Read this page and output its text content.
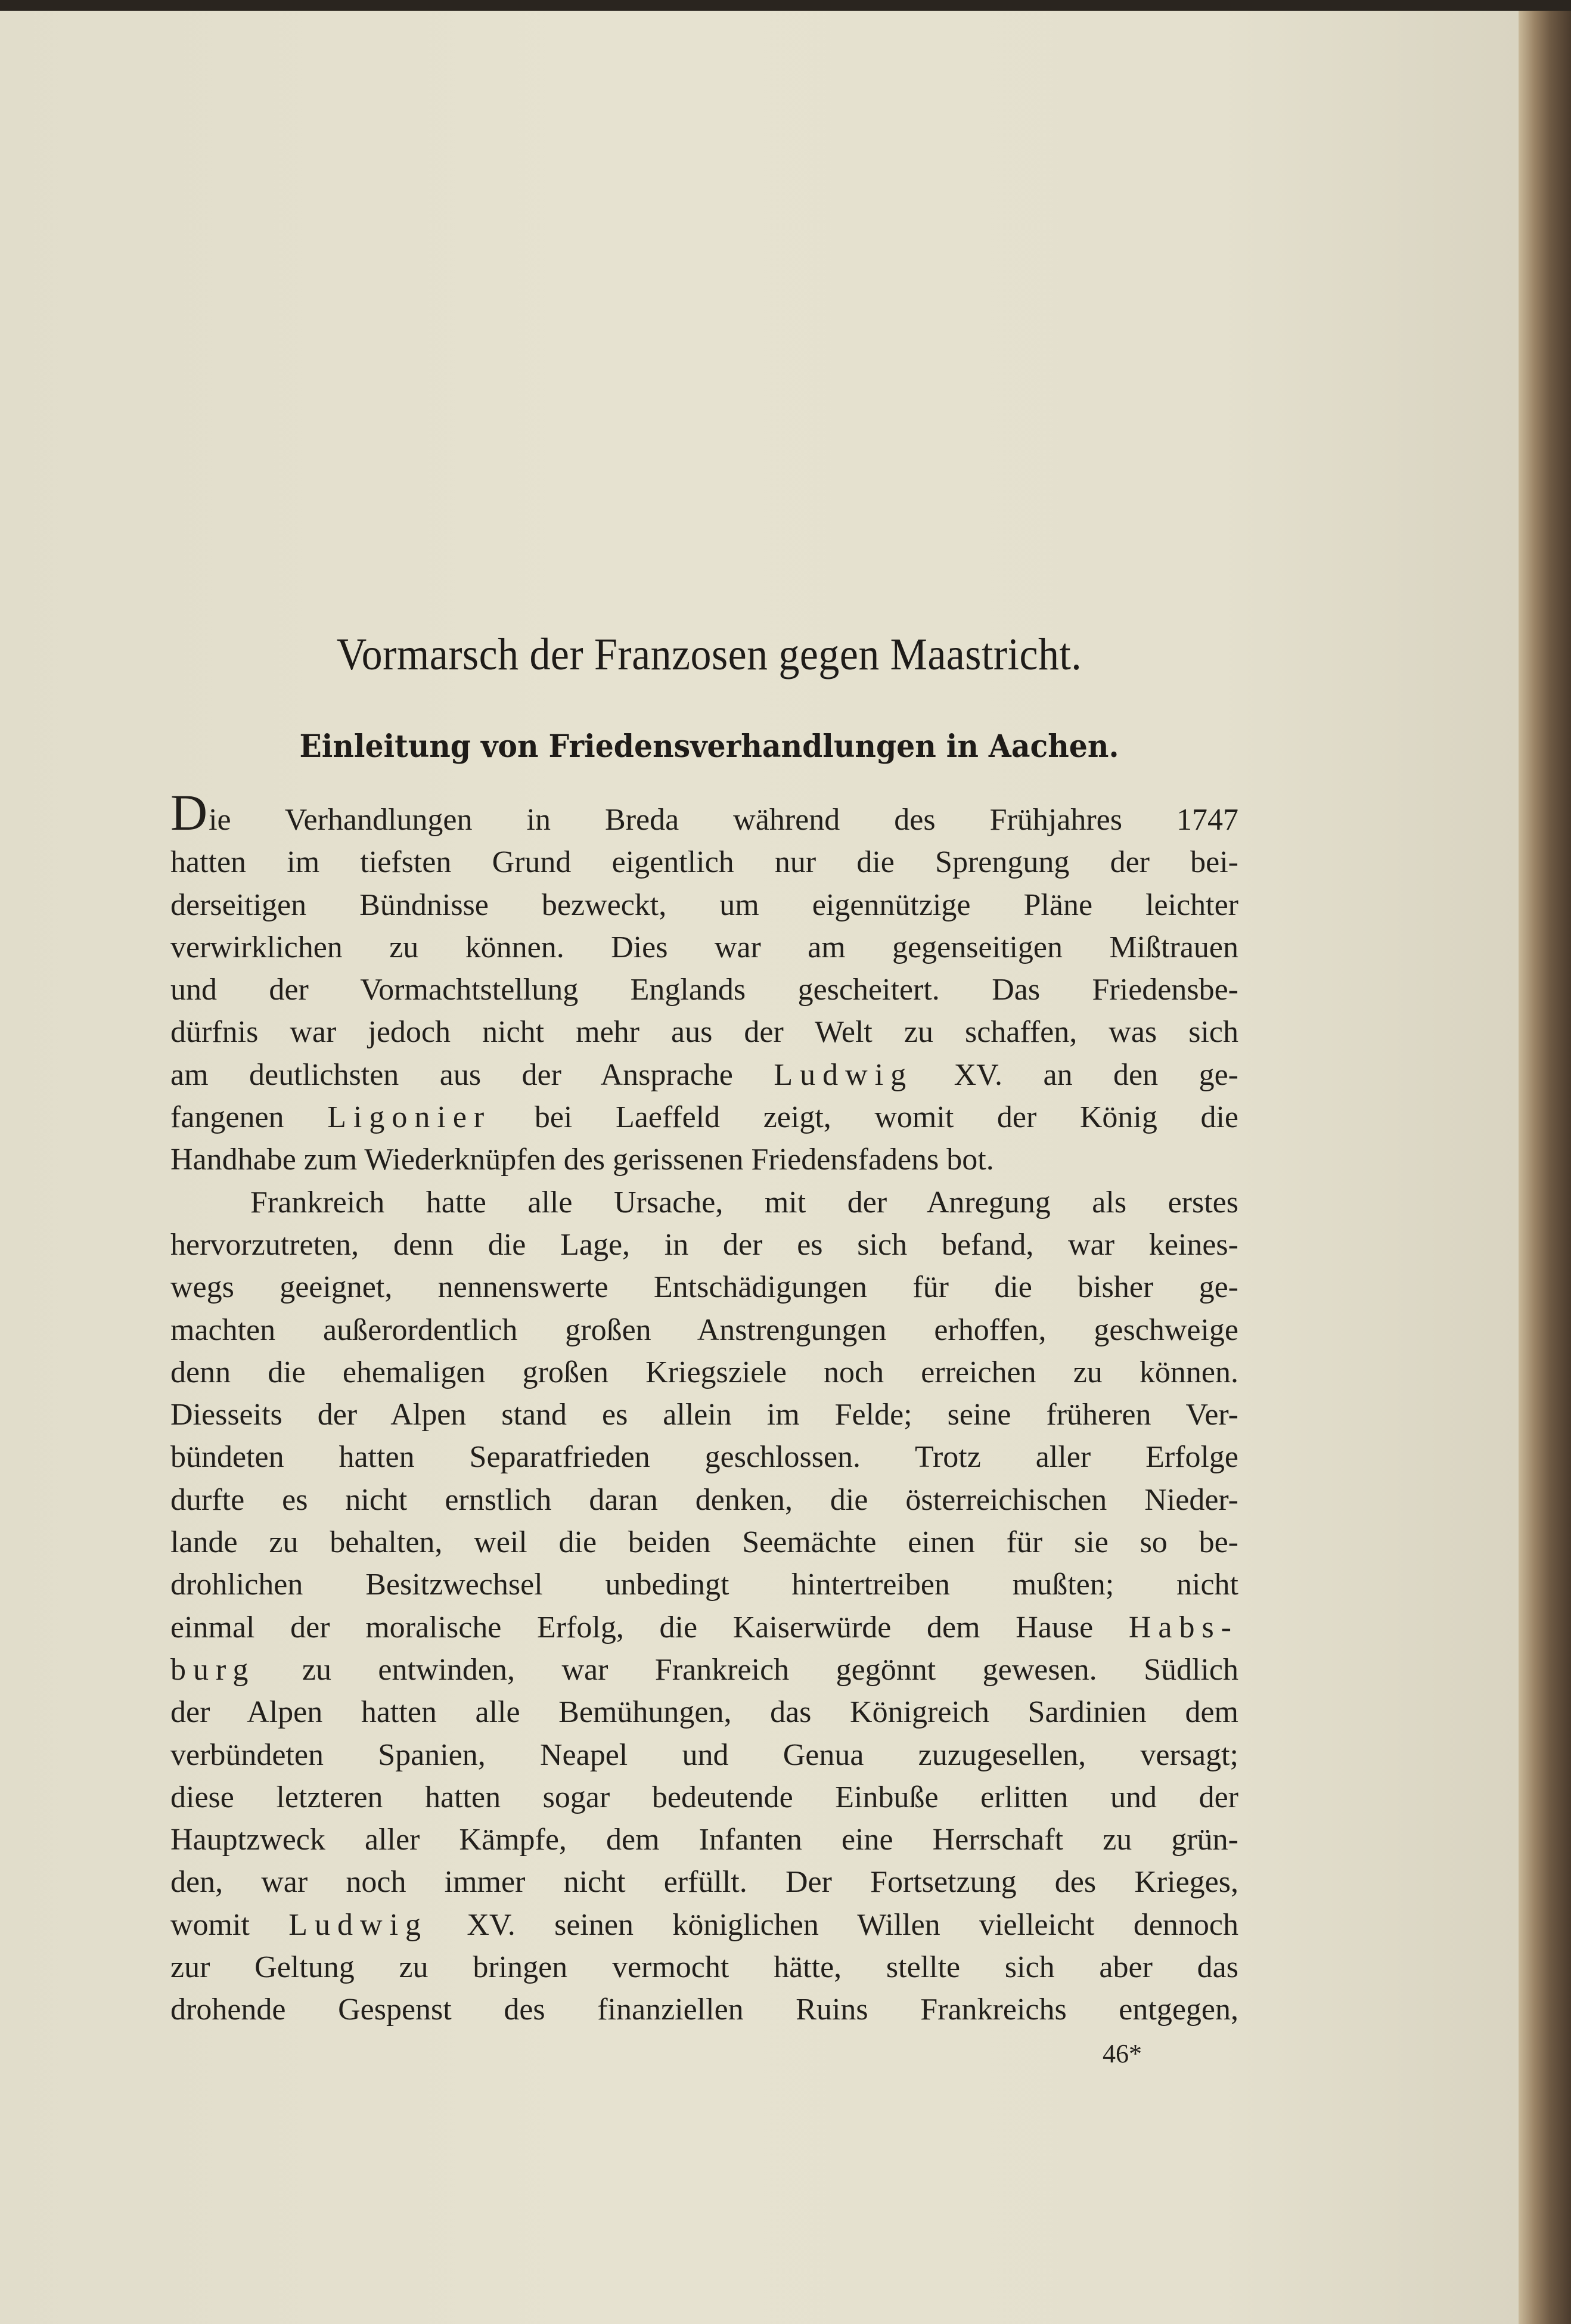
Vormarsch der Franzosen gegen Maastricht.
Einleitung von Friedensverhandlungen in Aachen.
Die Verhandlungen in Breda während des Frühjahres 1747
hatten im tiefsten Grund eigentlich nur die Sprengung der bei-
derseitigen Bündnisse bezweckt, um eigennützige Pläne leichter
verwirklichen zu können. Dies war am gegenseitigen Mißtrauen
und der Vormachtstellung Englands gescheitert. Das Friedensbe-
dürfnis war jedoch nicht mehr aus der Welt zu schaffen, was sich
am deutlichsten aus der Ansprache Ludwig XV. an den ge-
fangenen Ligonier bei Laeffeld zeigt, womit der König die
Handhabe zum Wiederknüpfen des gerissenen Friedensfadens bot.
Frankreich hatte alle Ursache, mit der Anregung als erstes
hervorzutreten, denn die Lage, in der es sich befand, war keines-
wegs geeignet, nennenswerte Entschädigungen für die bisher ge-
machten außerordentlich großen Anstrengungen erhoffen, geschweige
denn die ehemaligen großen Kriegsziele noch erreichen zu können.
Diesseits der Alpen stand es allein im Felde; seine früheren Ver-
bündeten hatten Separatfrieden geschlossen. Trotz aller Erfolge
durfte es nicht ernstlich daran denken, die österreichischen Nieder-
lande zu behalten, weil die beiden Seemächte einen für sie so be-
drohlichen Besitzwechsel unbedingt hintertreiben mußten; nicht
einmal der moralische Erfolg, die Kaiserwürde dem Hause Habs-
burg zu entwinden, war Frankreich gegönnt gewesen. Südlich
der Alpen hatten alle Bemühungen, das Königreich Sardinien dem
verbündeten Spanien, Neapel und Genua zuzugesellen, versagt;
diese letzteren hatten sogar bedeutende Einbuße erlitten und der
Hauptzweck aller Kämpfe, dem Infanten eine Herrschaft zu grün-
den, war noch immer nicht erfüllt. Der Fortsetzung des Krieges,
womit Ludwig XV. seinen königlichen Willen vielleicht dennoch
zur Geltung zu bringen vermocht hätte, stellte sich aber das
drohende Gespenst des finanziellen Ruins Frankreichs entgegen,
46*
